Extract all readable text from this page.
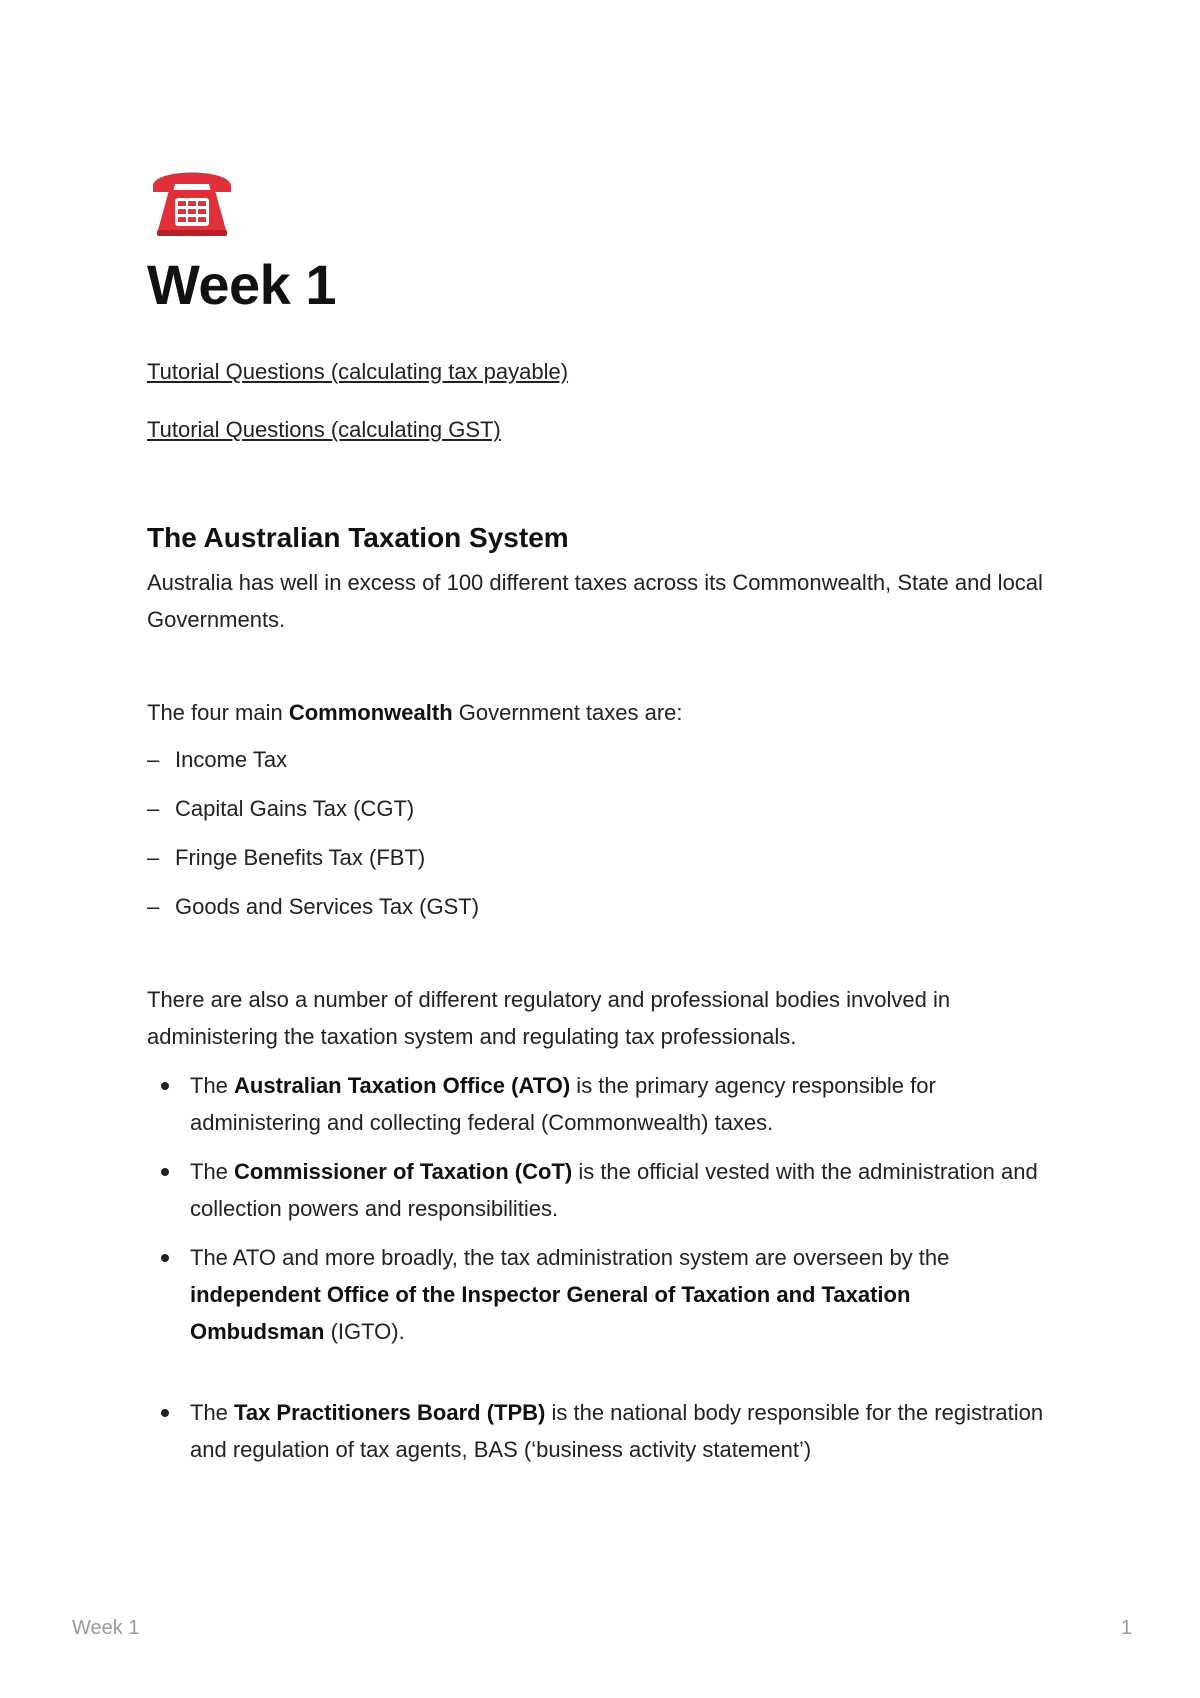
Week 1
Tutorial Questions (calculating tax payable)
Tutorial Questions (calculating GST)
The Australian Taxation System

Australia has well in excess of 100 different taxes across its Commonwealth, State and local Governments.

The four main Commonwealth Government taxes are:

– Income Tax
– Capital Gains Tax (CGT)
– Fringe Benefits Tax (FBT)
– Goods and Services Tax (GST)

There are also a number of different regulatory and professional bodies involved in administering the taxation system and regulating tax professionals.

The Australian Taxation Office (ATO) is the primary agency responsible for administering and collecting federal (Commonwealth) taxes.
The Commissioner of Taxation (CoT) is the official vested with the administration and collection powers and responsibilities.
The ATO and more broadly, the tax administration system are overseen by the independent Office of the Inspector General of Taxation and Taxation Ombudsman (IGTO).
The Tax Practitioners Board (TPB) is the national body responsible for the registration and regulation of tax agents, BAS (‘business activity statement’)
Week 1	1
